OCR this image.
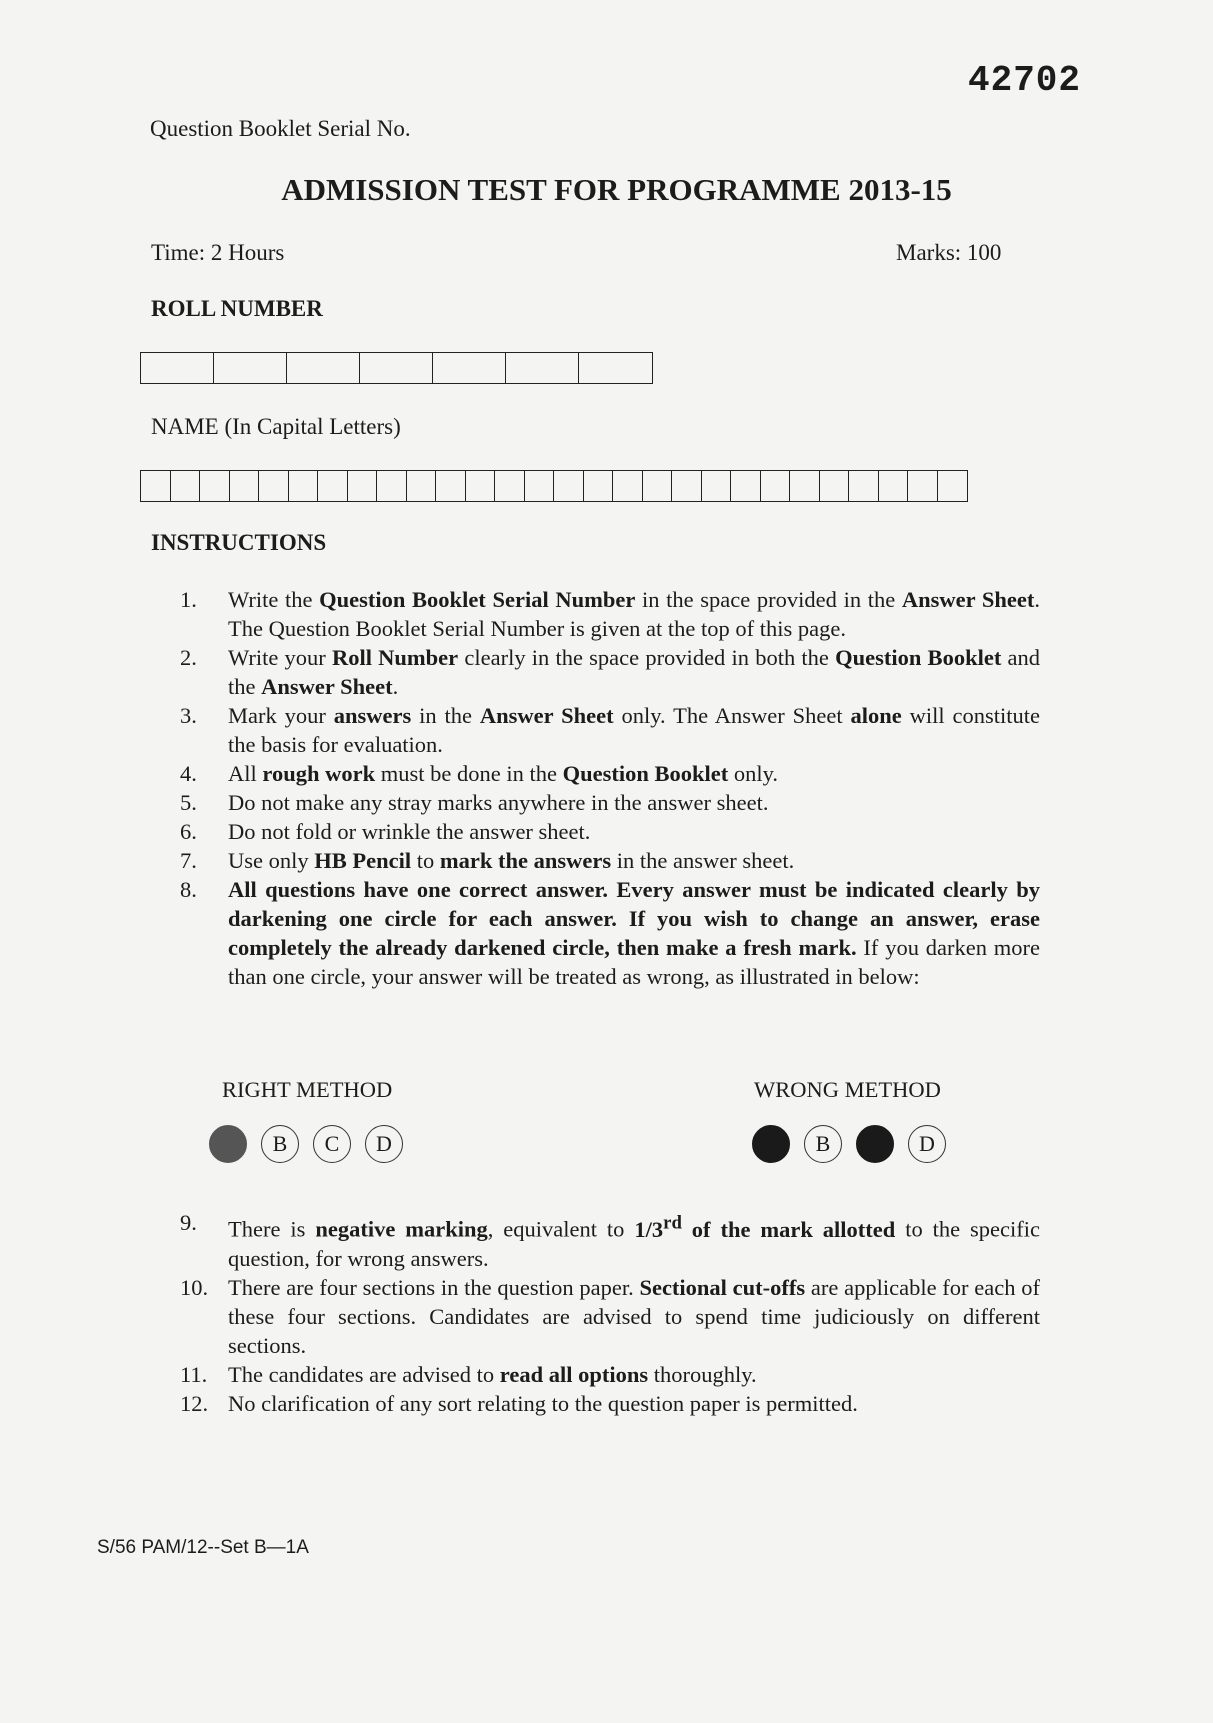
42702
Question Booklet Serial No.
ADMISSION TEST FOR PROGRAMME 2013-15
Time: 2 Hours	Marks: 100
ROLL NUMBER
NAME (In Capital Letters)
INSTRUCTIONS
1.	Write the Question Booklet Serial Number in the space provided in the Answer Sheet. The Question Booklet Serial Number is given at the top of this page.
2.	Write your Roll Number clearly in the space provided in both the Question Booklet and the Answer Sheet.
3.	Mark your answers in the Answer Sheet only. The Answer Sheet alone will constitute the basis for evaluation.
4.	All rough work must be done in the Question Booklet only.
5.	Do not make any stray marks anywhere in the answer sheet.
6.	Do not fold or wrinkle the answer sheet.
7.	Use only HB Pencil to mark the answers in the answer sheet.
8.	All questions have one correct answer. Every answer must be indicated clearly by darkening one circle for each answer. If you wish to change an answer, erase completely the already darkened circle, then make a fresh mark. If you darken more than one circle, your answer will be treated as wrong, as illustrated in below:
RIGHT METHOD	WRONG METHOD
B	C	D	B	D
9.	There is negative marking, equivalent to 1/3rd of the mark allotted to the specific question, for wrong answers.
10. There are four sections in the question paper. Sectional cut-offs are applicable for each of these four sections. Candidates are advised to spend time judiciously on different sections.
11. The candidates are advised to read all options thoroughly.
12. No clarification of any sort relating to the question paper is permitted.
S/56 PAM/12--Set B—1A
